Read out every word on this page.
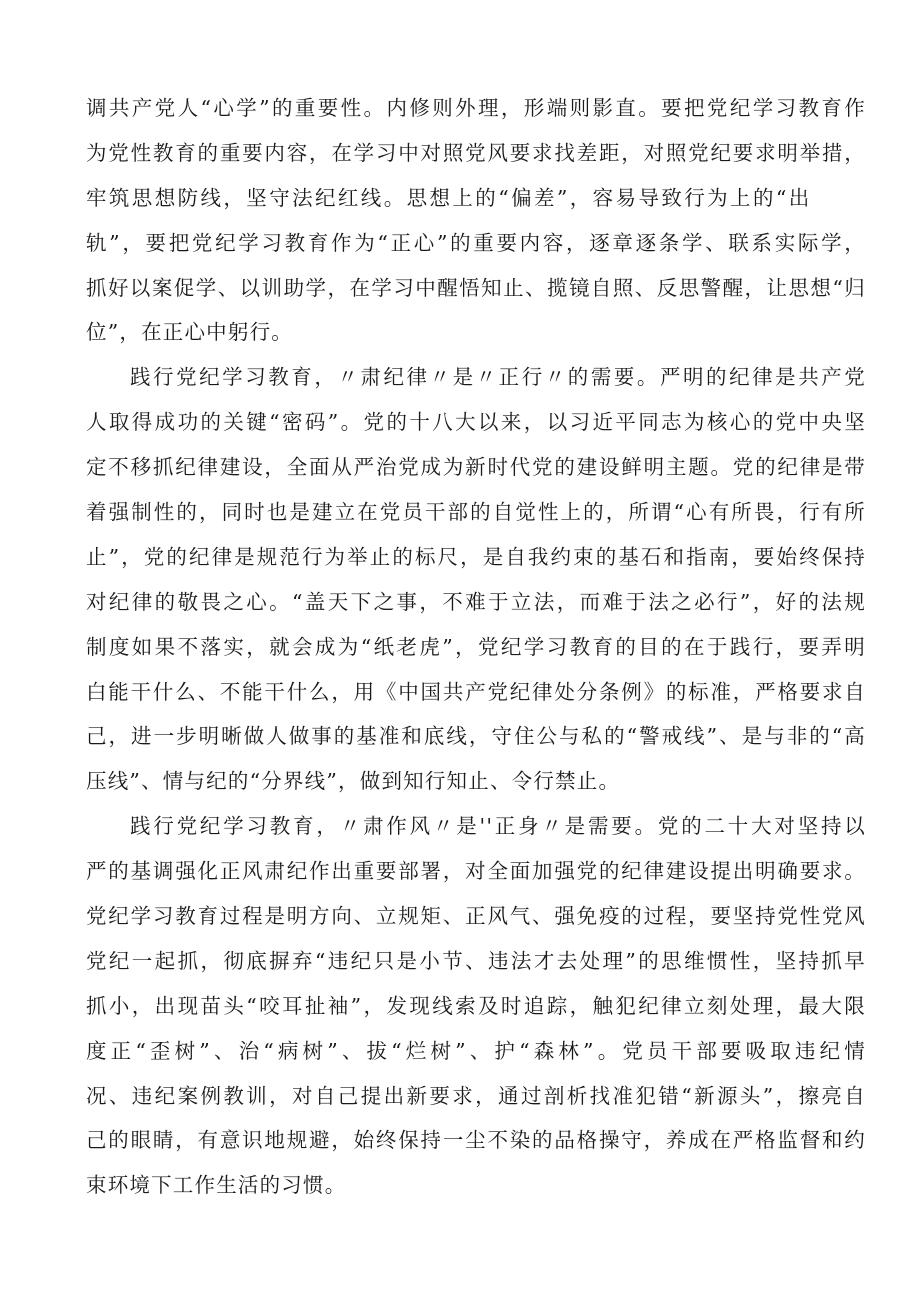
调共产党人“心学”的重要性。内修则外理，形端则影直。要把党纪学习教育作
为党性教育的重要内容，在学习中对照党风要求找差距，对照党纪要求明举措，
牢筑思想防线，坚守法纪红线。思想上的“偏差”，容易导致行为上的“出
轨”，要把党纪学习教育作为“正心”的重要内容，逐章逐条学、联系实际学，
抓好以案促学、以训助学，在学习中醒悟知止、揽镜自照、反思警醒，让思想“归
位”，在正心中躬行。
践行党纪学习教育，〃肃纪律〃是〃正行〃的需要。严明的纪律是共产党
人取得成功的关键“密码”。党的十八大以来，以习近平同志为核心的党中央坚
定不移抓纪律建设，全面从严治党成为新时代党的建设鲜明主题。党的纪律是带
着强制性的，同时也是建立在党员干部的自觉性上的，所谓“心有所畏，行有所
止”，党的纪律是规范行为举止的标尺，是自我约束的基石和指南，要始终保持
对纪律的敬畏之心。“盖天下之事，不难于立法，而难于法之必行”，好的法规
制度如果不落实，就会成为“纸老虎”，党纪学习教育的目的在于践行，要弄明
白能干什么、不能干什么，用《中国共产党纪律处分条例》的标准，严格要求自
己，进一步明晰做人做事的基准和底线，守住公与私的“警戒线”、是与非的“高
压线”、情与纪的“分界线”，做到知行知止、令行禁止。
践行党纪学习教育，〃肃作风〃是''正身〃是需要。党的二十大对坚持以
严的基调强化正风肃纪作出重要部署，对全面加强党的纪律建设提出明确要求。
党纪学习教育过程是明方向、立规矩、正风气、强免疫的过程，要坚持党性党风
党纪一起抓，彻底摒弃“违纪只是小节、违法才去处理”的思维惯性，坚持抓早
抓小，出现苗头“咬耳扯袖”，发现线索及时追踪，触犯纪律立刻处理，最大限
度正“歪树”、治“病树”、拔“烂树”、护“森林”。党员干部要吸取违纪情
况、违纪案例教训，对自己提出新要求，通过剖析找准犯错“新源头”，擦亮自
己的眼睛，有意识地规避，始终保持一尘不染的品格操守，养成在严格监督和约
束环境下工作生活的习惯。
